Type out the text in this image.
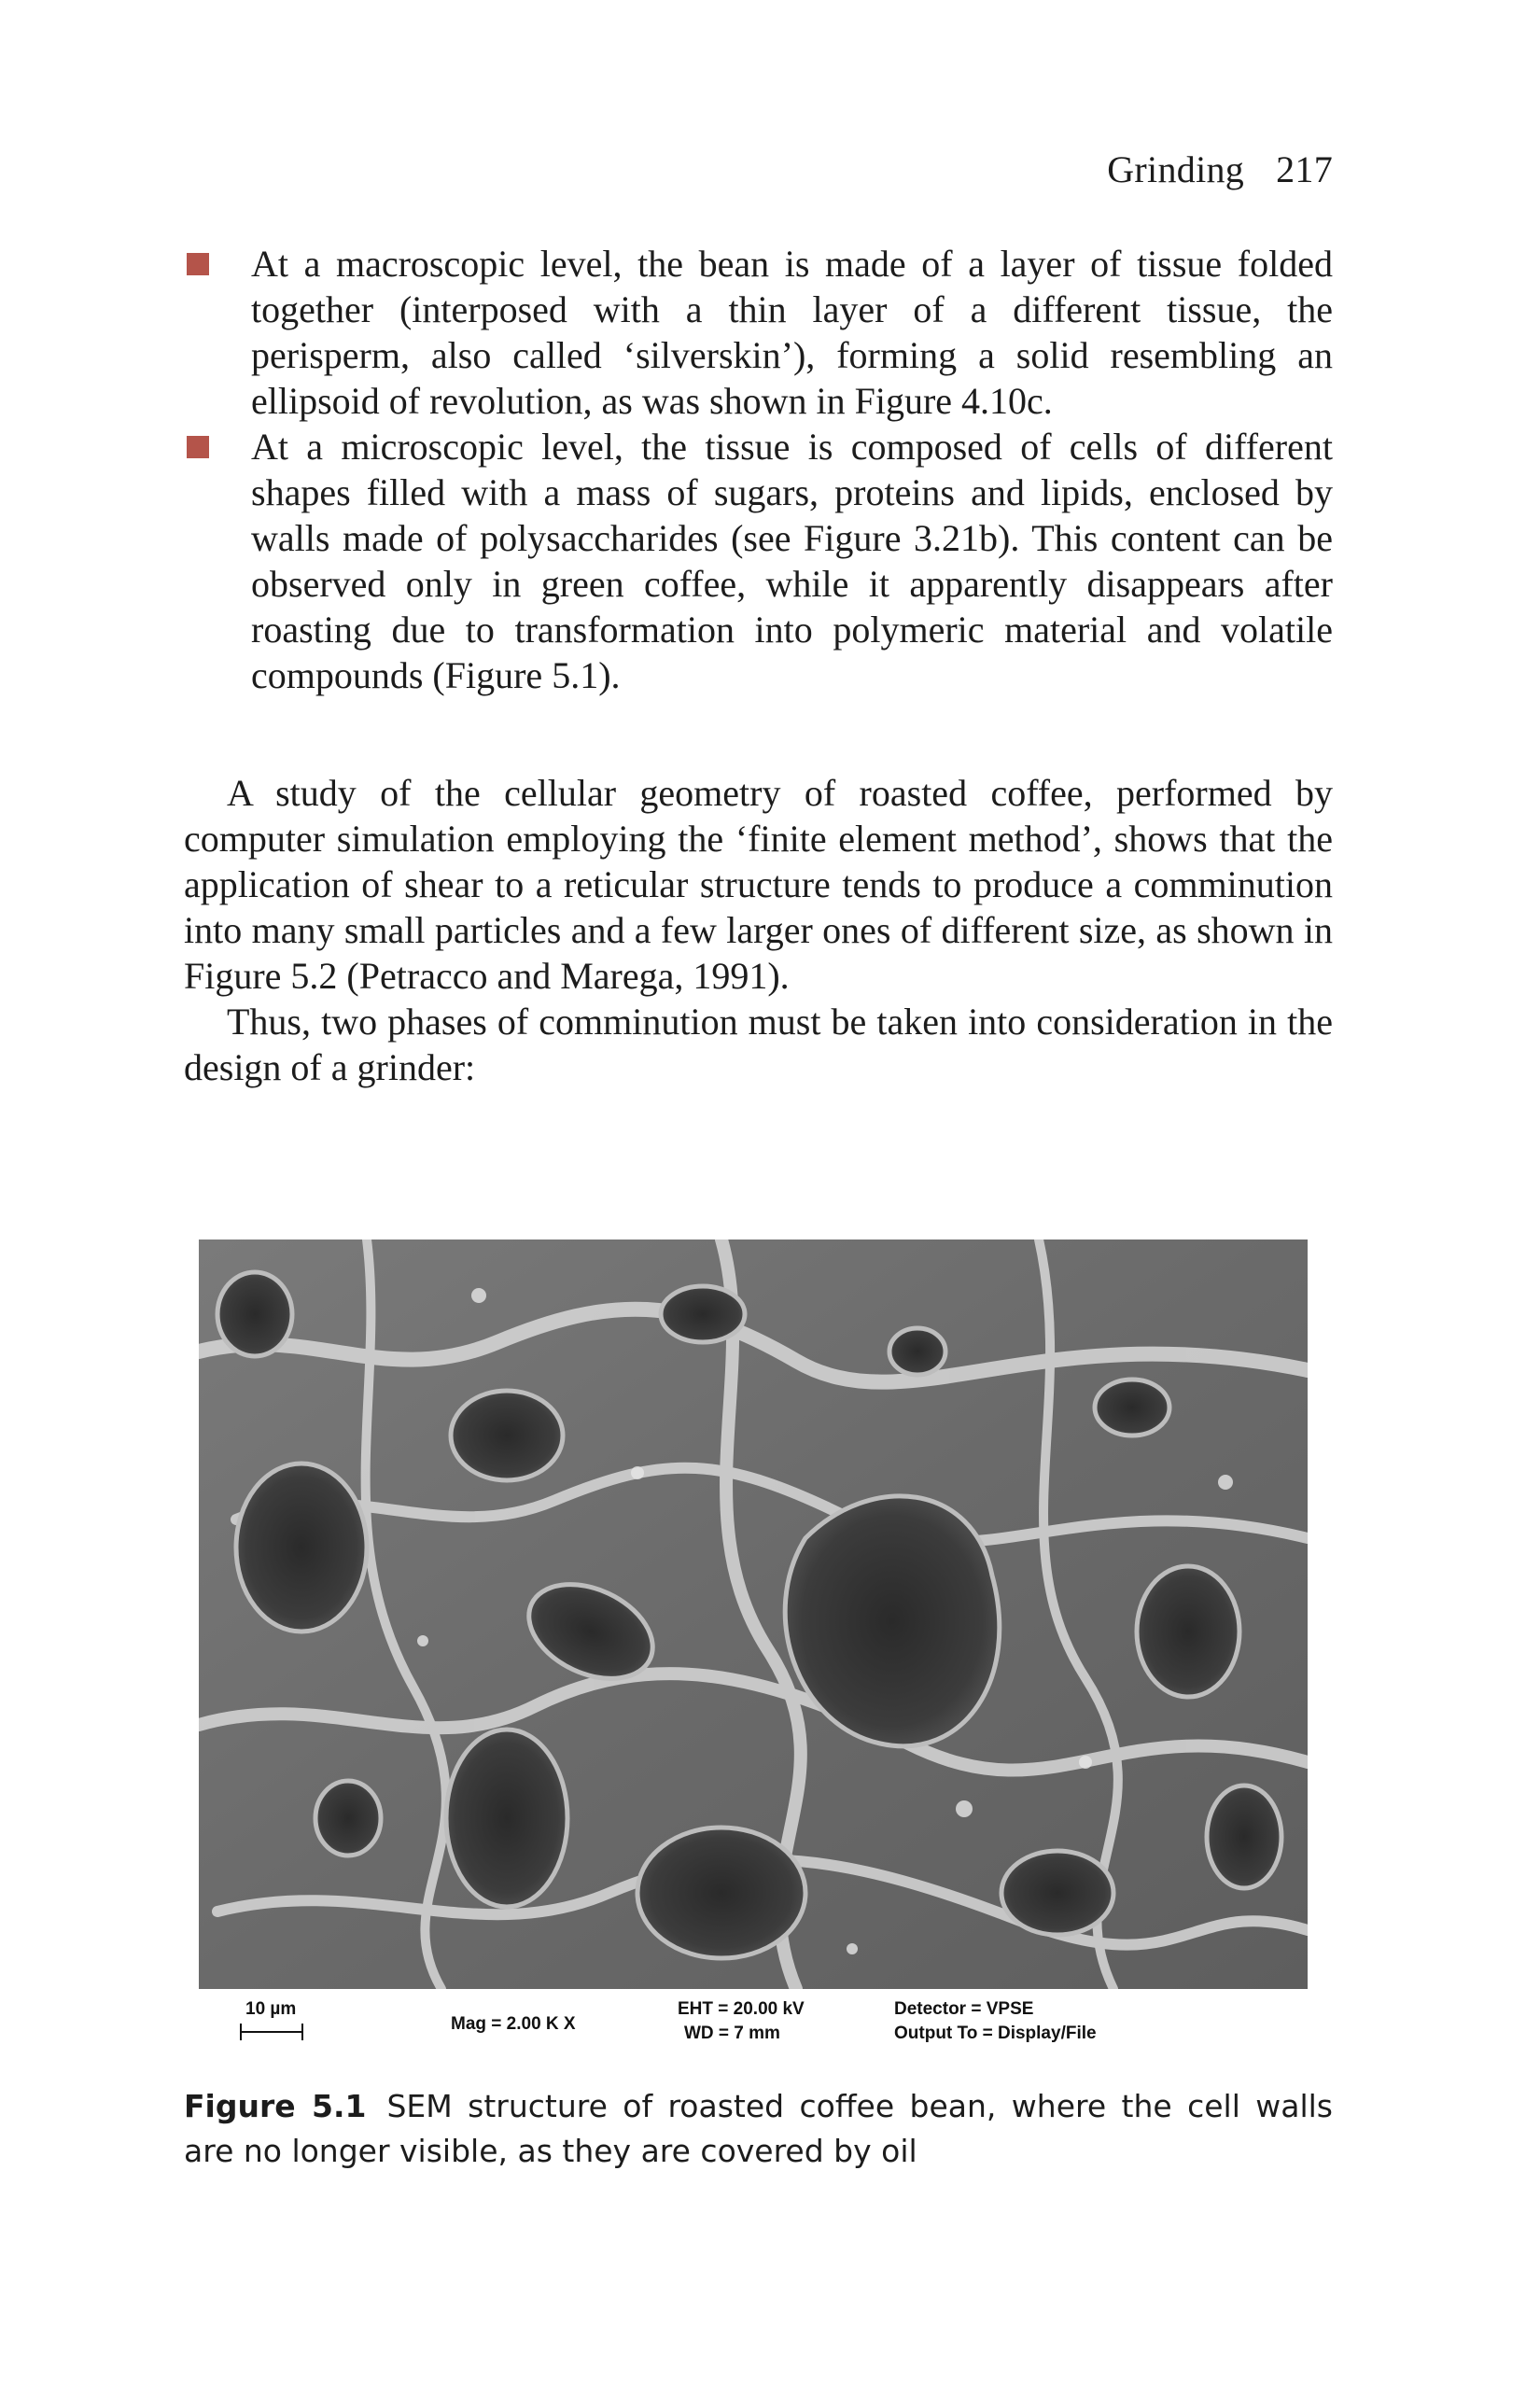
Grinding 217
At a macroscopic level, the bean is made of a layer of tissue folded together (interposed with a thin layer of a different tissue, the perisperm, also called ‘silverskin’), forming a solid resembling an ellipsoid of revolution, as was shown in Figure 4.10c.
At a microscopic level, the tissue is composed of cells of different shapes filled with a mass of sugars, proteins and lipids, enclosed by walls made of polysaccharides (see Figure 3.21b). This content can be observed only in green coffee, while it apparently disappears after roasting due to transformation into polymeric material and volatile compounds (Figure 5.1).

A study of the cellular geometry of roasted coffee, performed by computer simulation employing the ‘finite element method’, shows that the application of shear to a reticular structure tends to produce a comminution into many small particles and a few larger ones of different size, as shown in Figure 5.2 (Petracco and Marega, 1991).

Thus, two phases of comminution must be taken into consideration in the design of a grinder:

10 µm
Mag = 2.00 K X
EHT = 20.00 kV
WD = 7 mm
Detector = VPSE
Output To = Display/File
Figure 5.1 SEM structure of roasted coffee bean, where the cell walls are no longer visible, as they are covered by oil
